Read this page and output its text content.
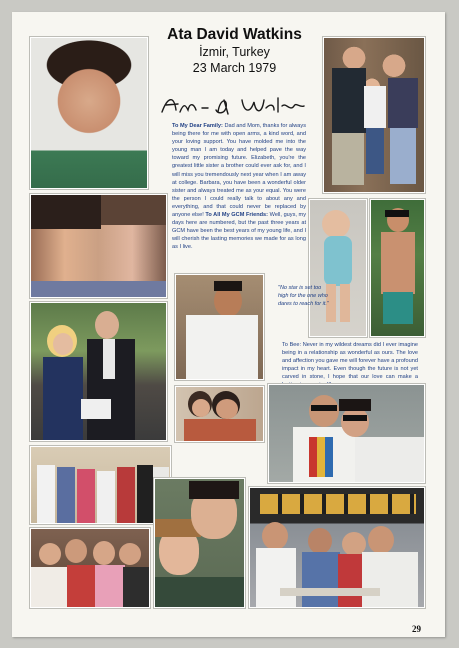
Ata David Watkins
İzmir, Turkey
23 March 1979
To My Dear Family: Dad and Mom, thanks for always being there for me with open arms, a kind word, and your loving support. You have molded me into the young man I am today and helped pave the way toward my promising future. Elizabeth, you're the greatest little sister a brother could ever ask for, and I will miss you tremendously next year when I am away at college. Barbara, you have been a wonderful older sister and always treated me as your equal. You were the person I could really talk to about any and everything, and that could never be replaced by anyone else! To All My GCM Friends: Well, guys, my days here are numbered, but the past three years at GCM have been the best years of my young life, and I will cherish the lasting memories we made for as long as I live.
"No star is set too high for the one who dares to reach for it."
To Bee: Never in my wildest dreams did I ever imagine being in a relationship as wonderful as ours. The love and affection you gave me will forever have a profound impact in my heart. Even though the future is not yet carved in stone, I hope that our love can make a
29
